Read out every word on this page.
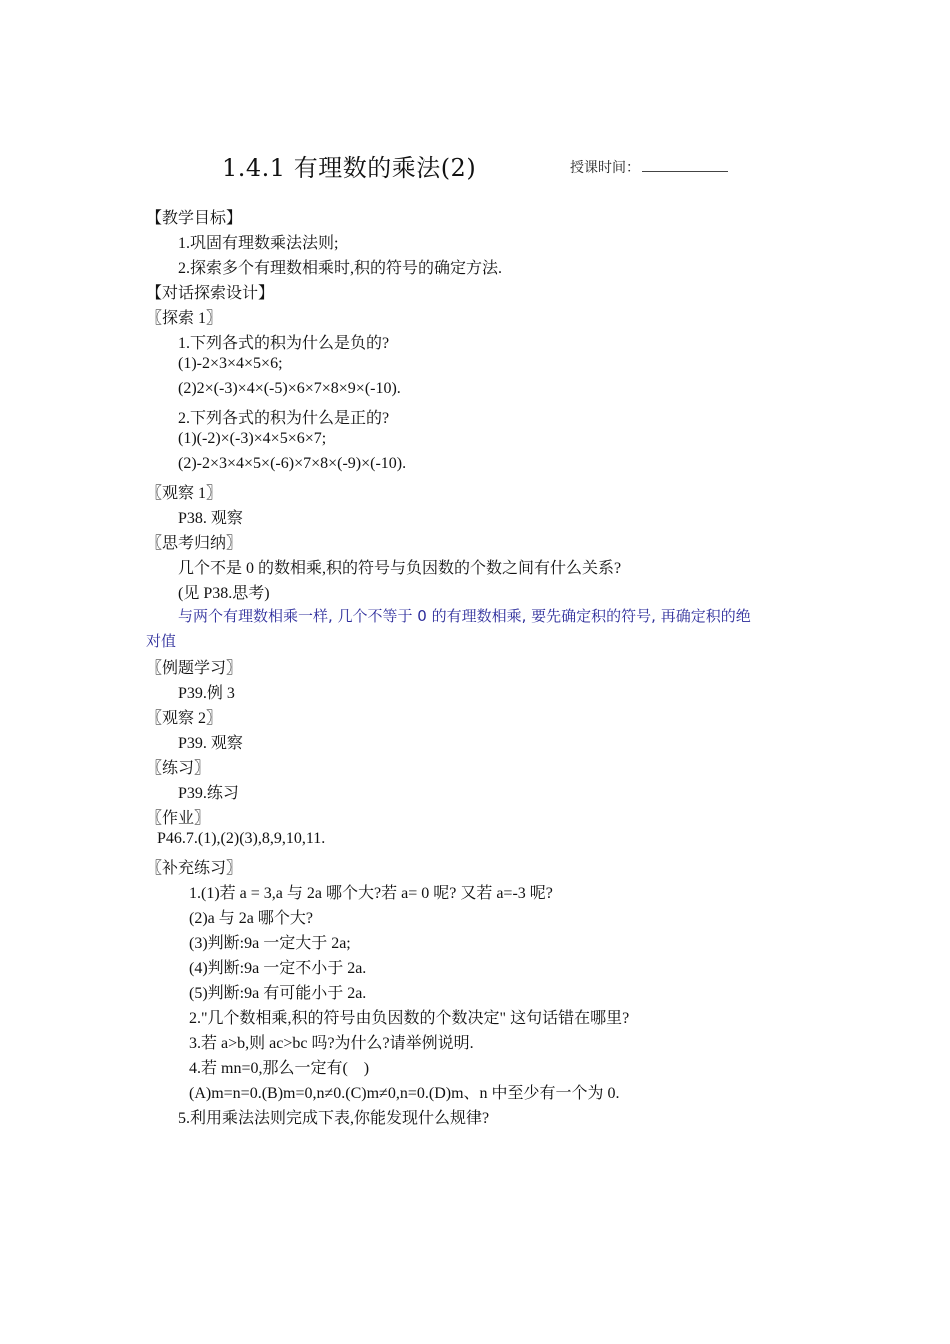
1.4.1 有理数的乘法(2)	授课时间：
【教学目标】
1.巩固有理数乘法法则;
2.探索多个有理数相乘时,积的符号的确定方法.
【对话探索设计】
〖探索 1〗
1.下列各式的积为什么是负的?
(1)-2×3×4×5×6;
(2)2×(-3)×4×(-5)×6×7×8×9×(-10).
2.下列各式的积为什么是正的?
(1)(-2)×(-3)×4×5×6×7;
(2)-2×3×4×5×(-6)×7×8×(-9)×(-10).
〖观察 1〗
P38. 观察
〖思考归纳〗
几个不是 0 的数相乘,积的符号与负因数的个数之间有什么关系?
(见 P38.思考)
与两个有理数相乘一样, 几个不等于 0 的有理数相乘, 要先确定积的符号, 再确定积的绝
对值
〖例题学习〗
P39.例 3
〖观察 2〗
P39. 观察
〖练习〗
P39.练习
〖作业〗
P46.7.(1),(2)(3),8,9,10,11.
〖补充练习〗
1.(1)若 a = 3,a 与 2a 哪个大?若 a= 0 呢? 又若 a=-3 呢?
(2)a 与 2a 哪个大?
(3)判断:9a 一定大于 2a;
(4)判断:9a 一定不小于 2a.
(5)判断:9a 有可能小于 2a.
2."几个数相乘,积的符号由负因数的个数决定" 这句话错在哪里?
3.若 a>b,则 ac>bc 吗?为什么?请举例说明.
4.若 mn=0,那么一定有(　)
(A)m=n=0.(B)m=0,n≠0.(C)m≠0,n=0.(D)m、n 中至少有一个为 0.
5.利用乘法法则完成下表,你能发现什么规律?
